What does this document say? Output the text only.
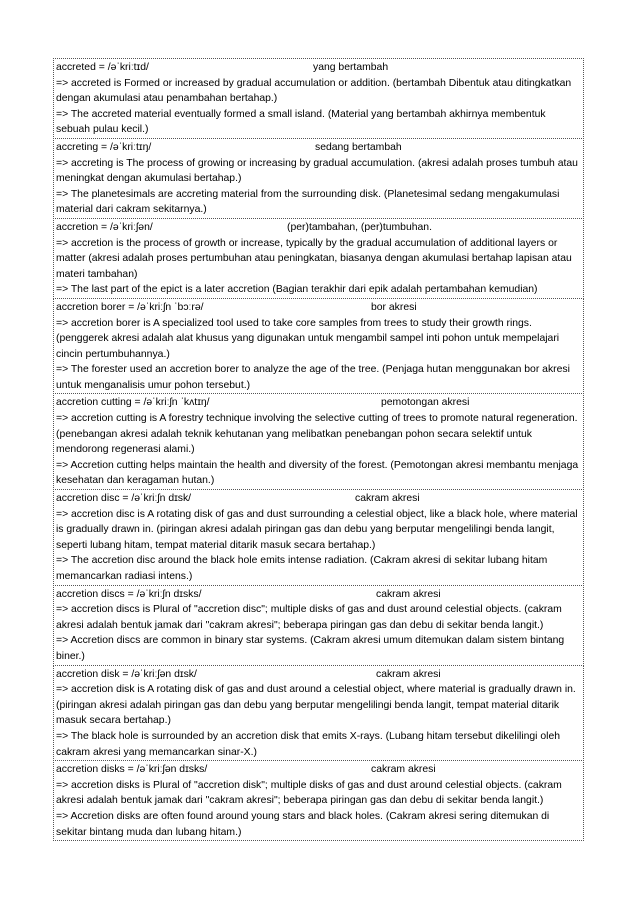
accreted = /əˈkriːtɪd/	yang bertambah
=> accreted is Formed or increased by gradual accumulation or addition. (bertambah Dibentuk atau ditingkatkan dengan akumulasi atau penambahan bertahap.)
=> The accreted material eventually formed a small island. (Material yang bertambah akhirnya membentuk sebuah pulau kecil.)
accreting = /əˈkriːtɪŋ/	sedang bertambah
=> accreting is The process of growing or increasing by gradual accumulation. (akresi adalah proses tumbuh atau meningkat dengan akumulasi bertahap.)
=> The planetesimals are accreting material from the surrounding disk. (Planetesimal sedang mengakumulasi material dari cakram sekitarnya.)
accretion = /əˈkriːʃən/	(per)tambahan, (per)tumbuhan.
=> accretion is the process of growth or increase, typically by the gradual accumulation of additional layers or matter (akresi adalah proses pertumbuhan atau peningkatan, biasanya dengan akumulasi bertahap lapisan atau materi tambahan)
=> The last part of the epict is a later accretion (Bagian terakhir dari epik adalah pertambahan kemudian)
accretion borer = /əˈkriːʃn ˈbɔːrə/	bor akresi
=> accretion borer is A specialized tool used to take core samples from trees to study their growth rings. (penggerek akresi adalah alat khusus yang digunakan untuk mengambil sampel inti pohon untuk mempelajari cincin pertumbuhannya.)
=> The forester used an accretion borer to analyze the age of the tree. (Penjaga hutan menggunakan bor akresi untuk menganalisis umur pohon tersebut.)
accretion cutting = /əˈkriːʃn ˈkʌtɪŋ/	pemotongan akresi
=> accretion cutting is A forestry technique involving the selective cutting of trees to promote natural regeneration. (penebangan akresi adalah teknik kehutanan yang melibatkan penebangan pohon secara selektif untuk mendorong regenerasi alami.)
=> Accretion cutting helps maintain the health and diversity of the forest. (Pemotongan akresi membantu menjaga kesehatan dan keragaman hutan.)
accretion disc = /əˈkriːʃn dɪsk/	cakram akresi
=> accretion disc is A rotating disk of gas and dust surrounding a celestial object, like a black hole, where material is gradually drawn in. (piringan akresi adalah piringan gas dan debu yang berputar mengelilingi benda langit, seperti lubang hitam, tempat material ditarik masuk secara bertahap.)
=> The accretion disc around the black hole emits intense radiation. (Cakram akresi di sekitar lubang hitam memancarkan radiasi intens.)
accretion discs = /əˈkriːʃn dɪsks/	cakram akresi
=> accretion discs is Plural of "accretion disc"; multiple disks of gas and dust around celestial objects. (cakram akresi adalah bentuk jamak dari "cakram akresi"; beberapa piringan gas dan debu di sekitar benda langit.)
=> Accretion discs are common in binary star systems. (Cakram akresi umum ditemukan dalam sistem bintang biner.)
accretion disk = /əˈkriːʃən dɪsk/	cakram akresi
=> accretion disk is A rotating disk of gas and dust around a celestial object, where material is gradually drawn in. (piringan akresi adalah piringan gas dan debu yang berputar mengelilingi benda langit, tempat material ditarik masuk secara bertahap.)
=> The black hole is surrounded by an accretion disk that emits X-rays. (Lubang hitam tersebut dikelilingi oleh cakram akresi yang memancarkan sinar-X.)
accretion disks = /əˈkriːʃən dɪsks/	cakram akresi
=> accretion disks is Plural of "accretion disk"; multiple disks of gas and dust around celestial objects. (cakram akresi adalah bentuk jamak dari "cakram akresi"; beberapa piringan gas dan debu di sekitar benda langit.)
=> Accretion disks are often found around young stars and black holes. (Cakram akresi sering ditemukan di sekitar bintang muda dan lubang hitam.)
